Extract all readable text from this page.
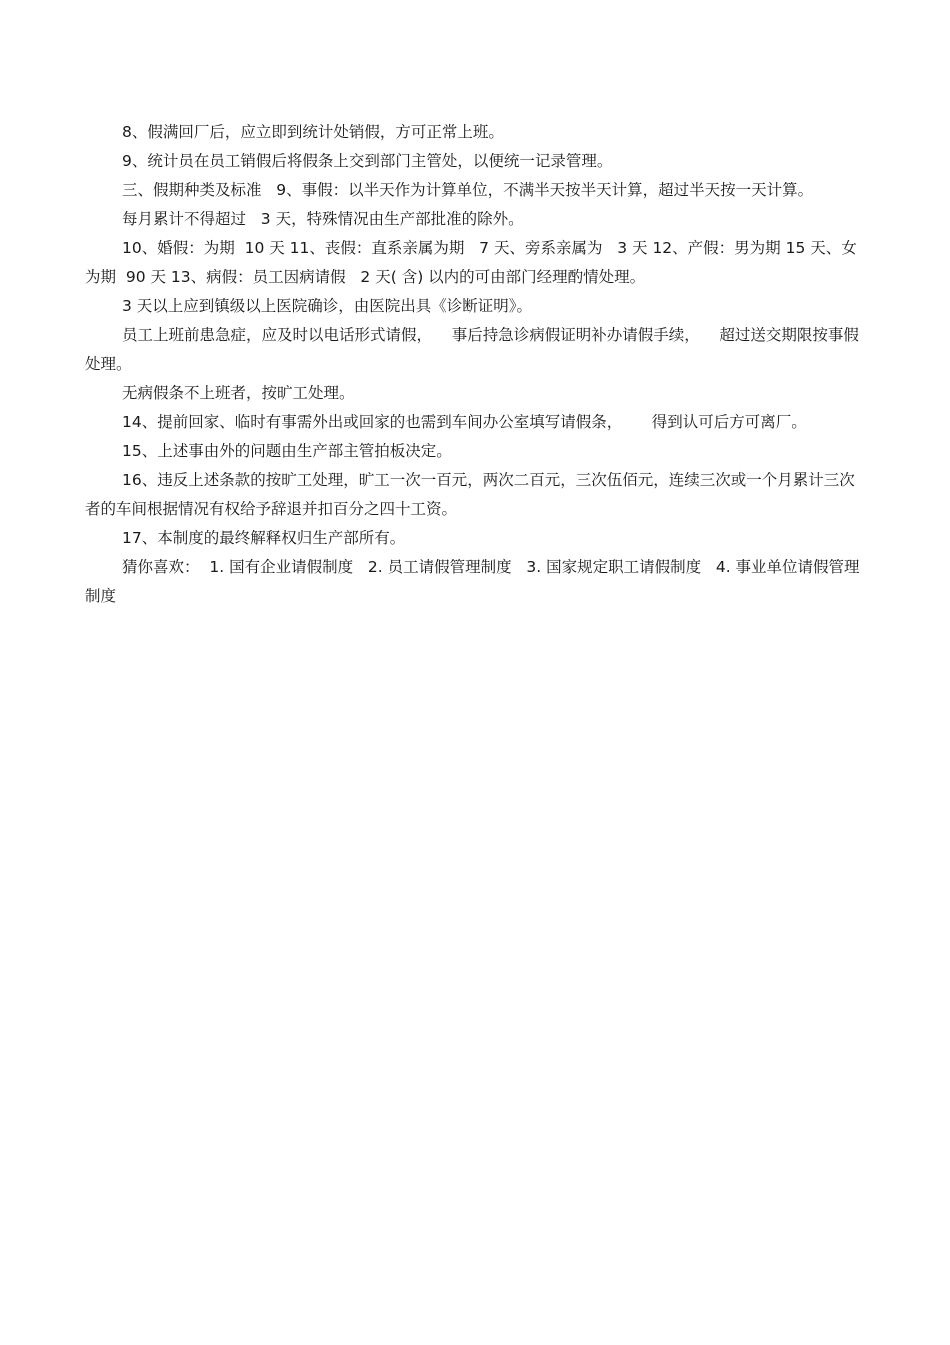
8、假满回厂后，应立即到统计处销假，方可正常上班。

9、统计员在员工销假后将假条上交到部门主管处，以便统一记录管理。

三、假期种类及标准   9、事假：以半天作为计算单位，不满半天按半天计算，超过半天按一天计算。

每月累计不得超过   3 天，特殊情况由生产部批准的除外。

10、婚假：为期  10 天 11、丧假：直系亲属为期   7 天、旁系亲属为   3 天 12、产假：男为期 15 天、女为期  90 天 13、病假：员工因病请假   2 天( 含) 以内的可由部门经理酌情处理。

3 天以上应到镇级以上医院确诊，由医院出具《诊断证明》。

员工上班前患急症，应及时以电话形式请假，    事后持急诊病假证明补办请假手续，    超过送交期限按事假处理。

无病假条不上班者，按旷工处理。

14、提前回家、临时有事需外出或回家的也需到车间办公室填写请假条，      得到认可后方可离厂。

15、上述事由外的问题由生产部主管拍板决定。

16、违反上述条款的按旷工处理，旷工一次一百元，两次二百元，三次伍佰元，连续三次或一个月累计三次者的车间根据情况有权给予辞退并扣百分之四十工资。

17、本制度的最终解释权归生产部所有。

猜你喜欢：  1. 国有企业请假制度   2. 员工请假管理制度   3. 国家规定职工请假制度   4. 事业单位请假管理制度
